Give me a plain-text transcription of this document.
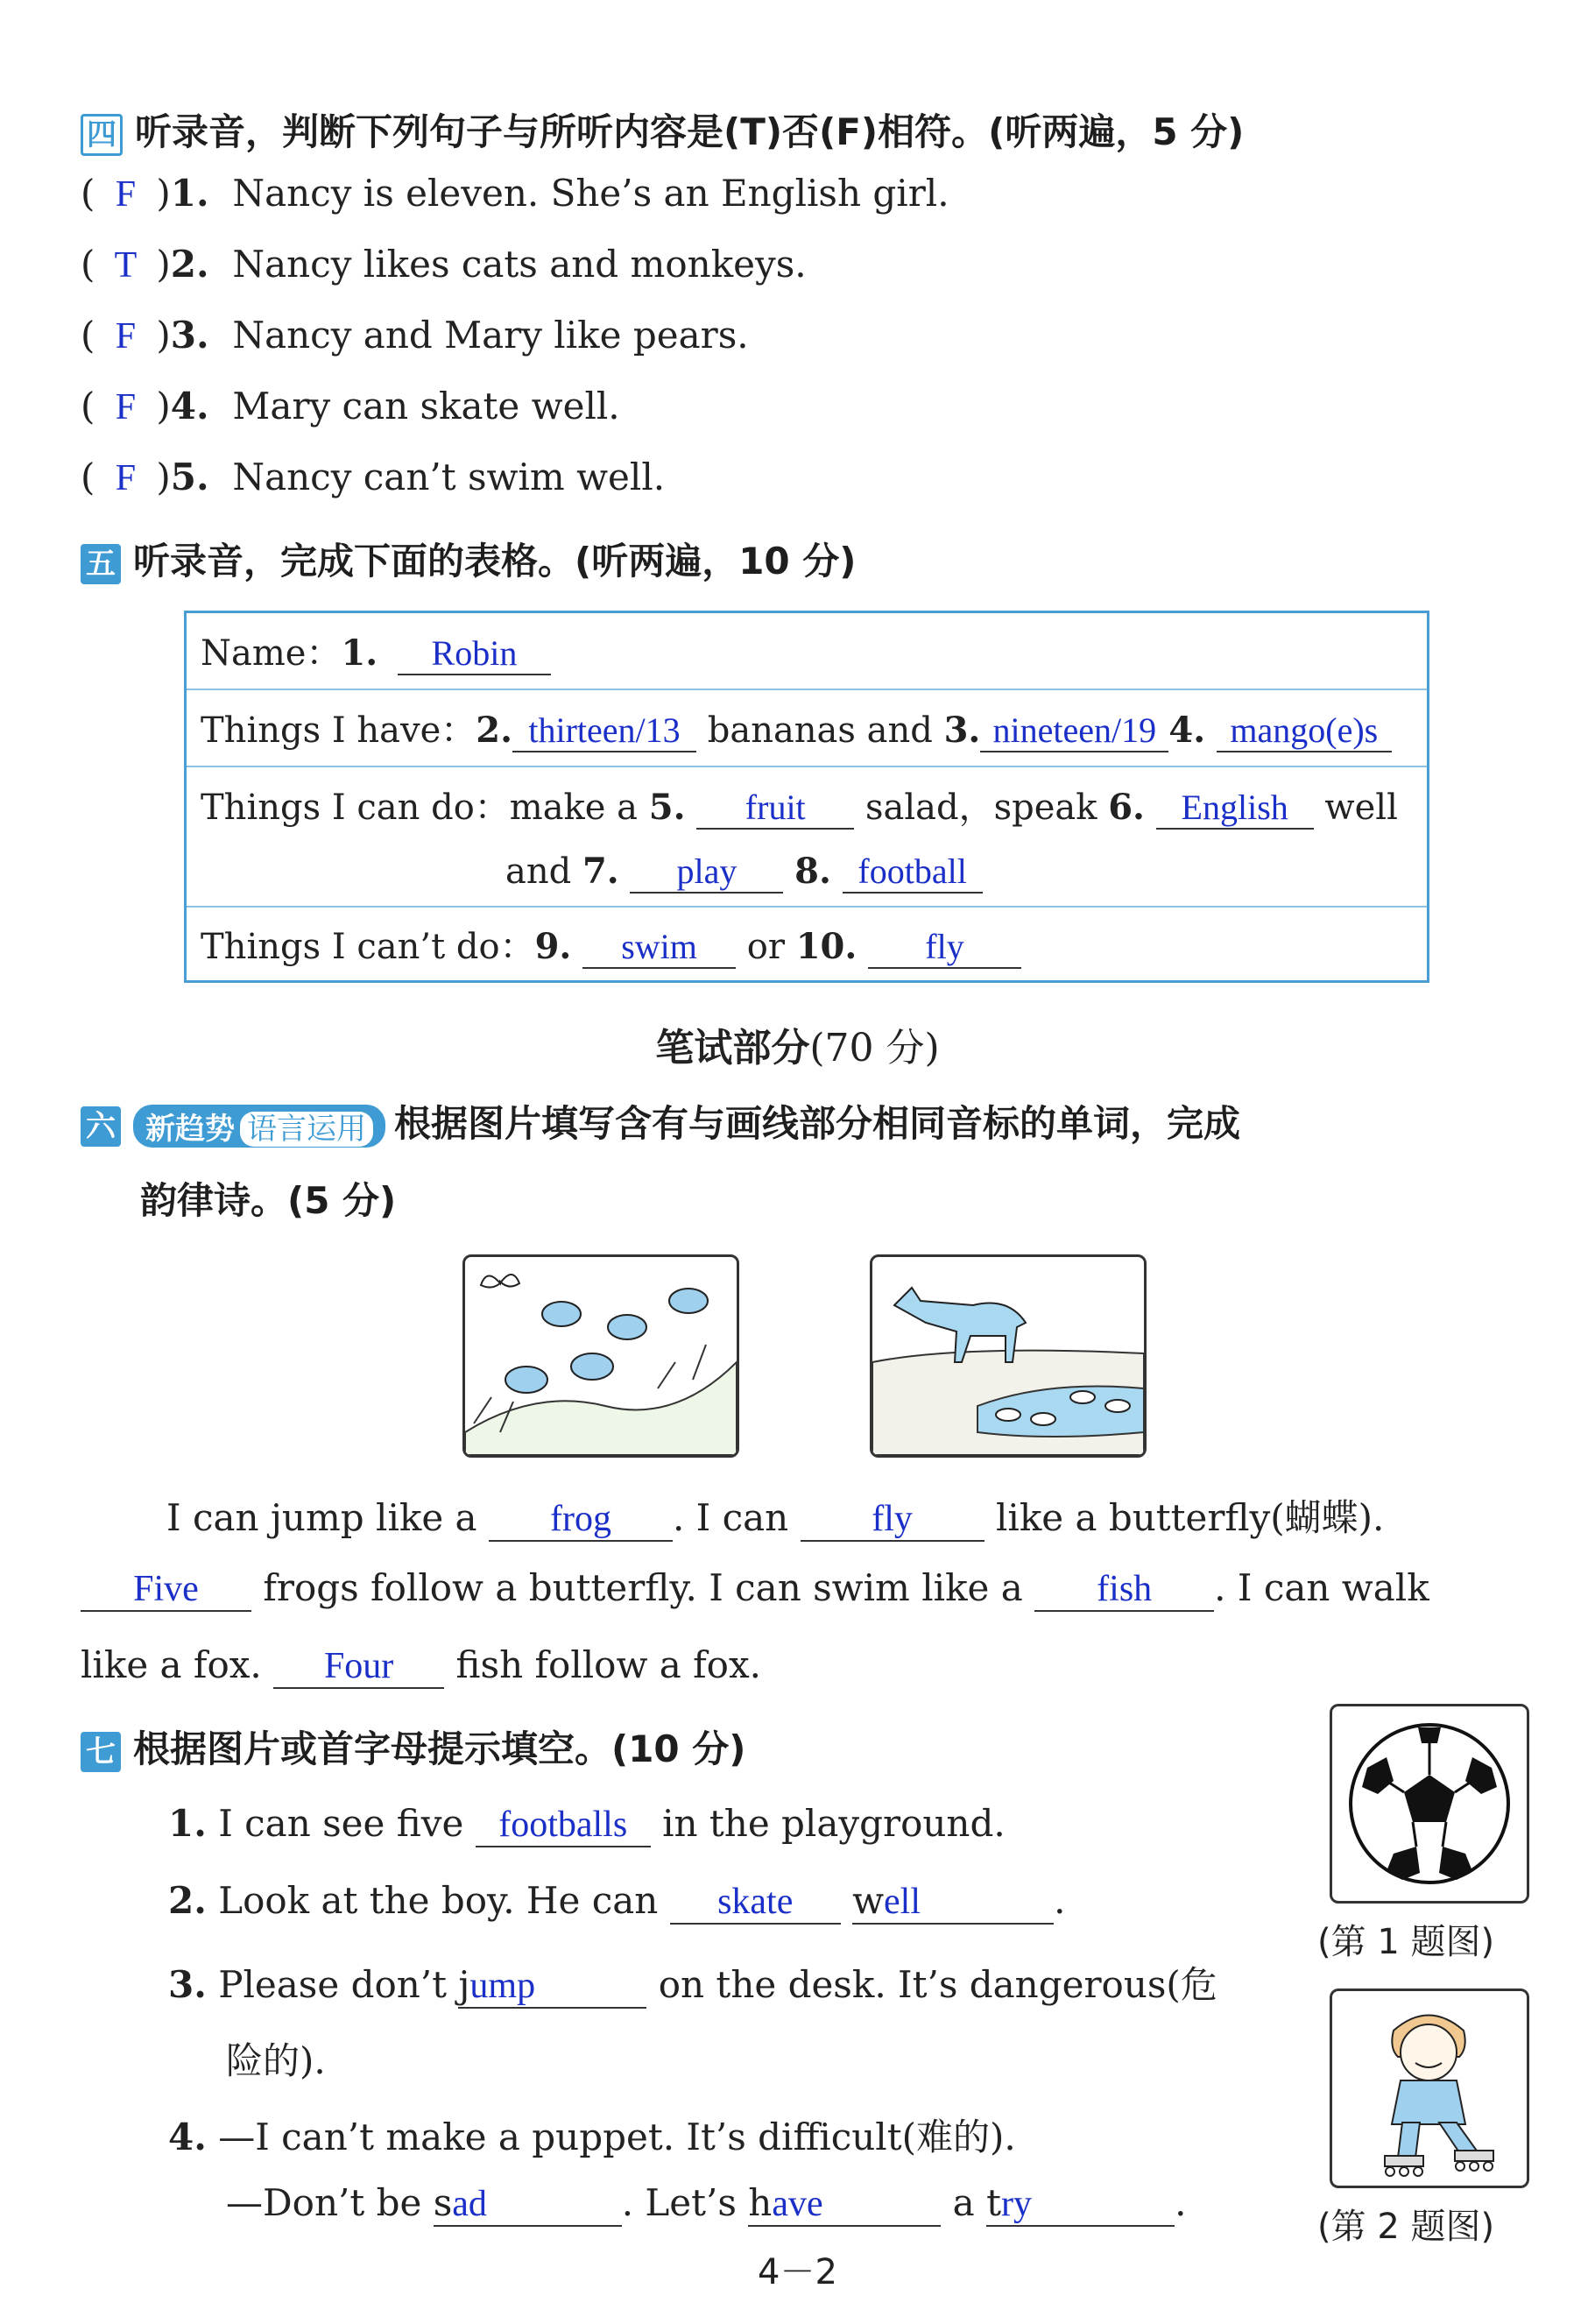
四 听录音，判断下列句子与所听内容是(T)否(F)相符。(听两遍，5 分)
( F )1. Nancy is eleven. She’s an English girl.
( T )2. Nancy likes cats and monkeys.
( F )3. Nancy and Mary like pears.
( F )4. Mary can skate well.
( F )5. Nancy can’t swim well.
五 听录音，完成下面的表格。(听两遍，10 分)
Name：1. Robin
Things I have：2. thirteen/13 bananas and 3. nineteen/19 4. mango(e)s

Things I can do：make a 5. fruit salad，speak 6. English well
and 7. play 8. football

Things I can’t do：9. swim or 10. fly
笔试部分(70 分)
六 新趋势 语言运用 根据图片填写含有与画线部分相同音标的单词，完成
韵律诗。(5 分)
I can jump like a frog . I can fly like a butterfly(蝴蝶).
Five frogs follow a butterfly. I can swim like a fish . I can walk
like a fox. Four fish follow a fox.
七 根据图片或首字母提示填空。(10 分)
1. I can see five footballs in the playground.
2. Look at the boy. He can skate well	.
3. Please don’t jump	on the desk. It’s dangerous(危
险的).
4. —I can’t make a puppet. It’s difficult(难的).
—Don’t be sad	. Let’s have	a try	.
(第 1 题图)
(第 2 题图)
4－2
